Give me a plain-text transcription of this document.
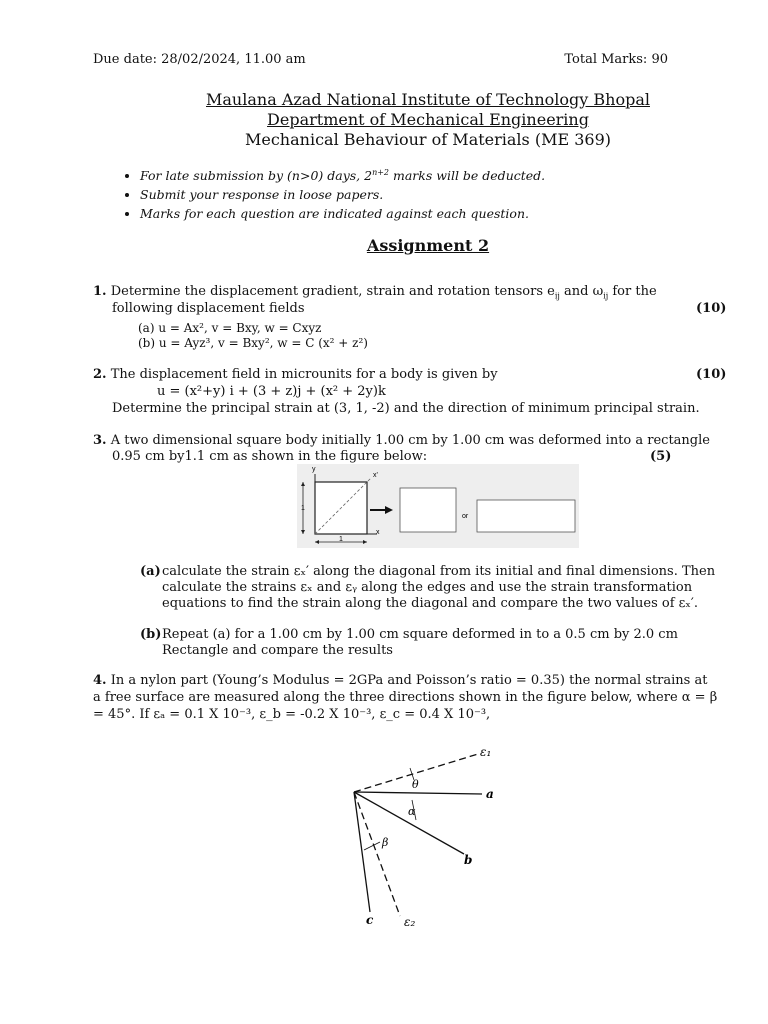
Due date: 28/02/2024, 11.00 am	Total Marks: 90
Maulana Azad National Institute of Technology Bhopal
Department of Mechanical Engineering
Mechanical Behaviour of Materials (ME 369)
• For late submission by (n>0) days, $2^{n+2}$ marks will be deducted.
• Submit your response in loose papers.
• Marks for each question are indicated against each question.
Assignment 2
1. Determine the displacement gradient, strain and rotation tensors $e_{ij}$ and $\omega_{ij}$ for the
following displacement fields	(10)
(a) u = Ax², v = Bxy, w = Cxyz
(b) u = Ayz³, v = Bxy², w = C (x² + z²)
2. The displacement field in microunits for a body is given by	(10)
u = (x²+y) i + (3 + z)j + (x² + 2y)k
Determine the principal strain at (3, 1, -2) and the direction of minimum principal strain.
3. A two dimensional square body initially 1.00 cm by 1.00 cm was deformed into a rectangle
0.95 cm by1.1 cm as shown in the figure below:	(5)
y
x
x'
1
1
or
(a) calculate the strain εₓ′ along the diagonal from its initial and final dimensions. Then
calculate the strains εₓ and εᵧ along the edges and use the strain transformation
equations to find the strain along the diagonal and compare the two values of εₓ′.
(b) Repeat (a) for a 1.00 cm by 1.00 cm square deformed in to a 0.5 cm by 2.0 cm
Rectangle and compare the results
4. In a nylon part (Young’s Modulus = 2GPa and Poisson’s ratio = 0.35) the normal strains at
a free surface are measured along the three directions shown in the figure below, where α = β
= 45°. If εₐ = 0.1 X 10⁻³, ε_b = -0.2 X 10⁻³, ε_c = 0.4 X 10⁻³,
ε₁
a
b
c	ε₂
θ
α
β
